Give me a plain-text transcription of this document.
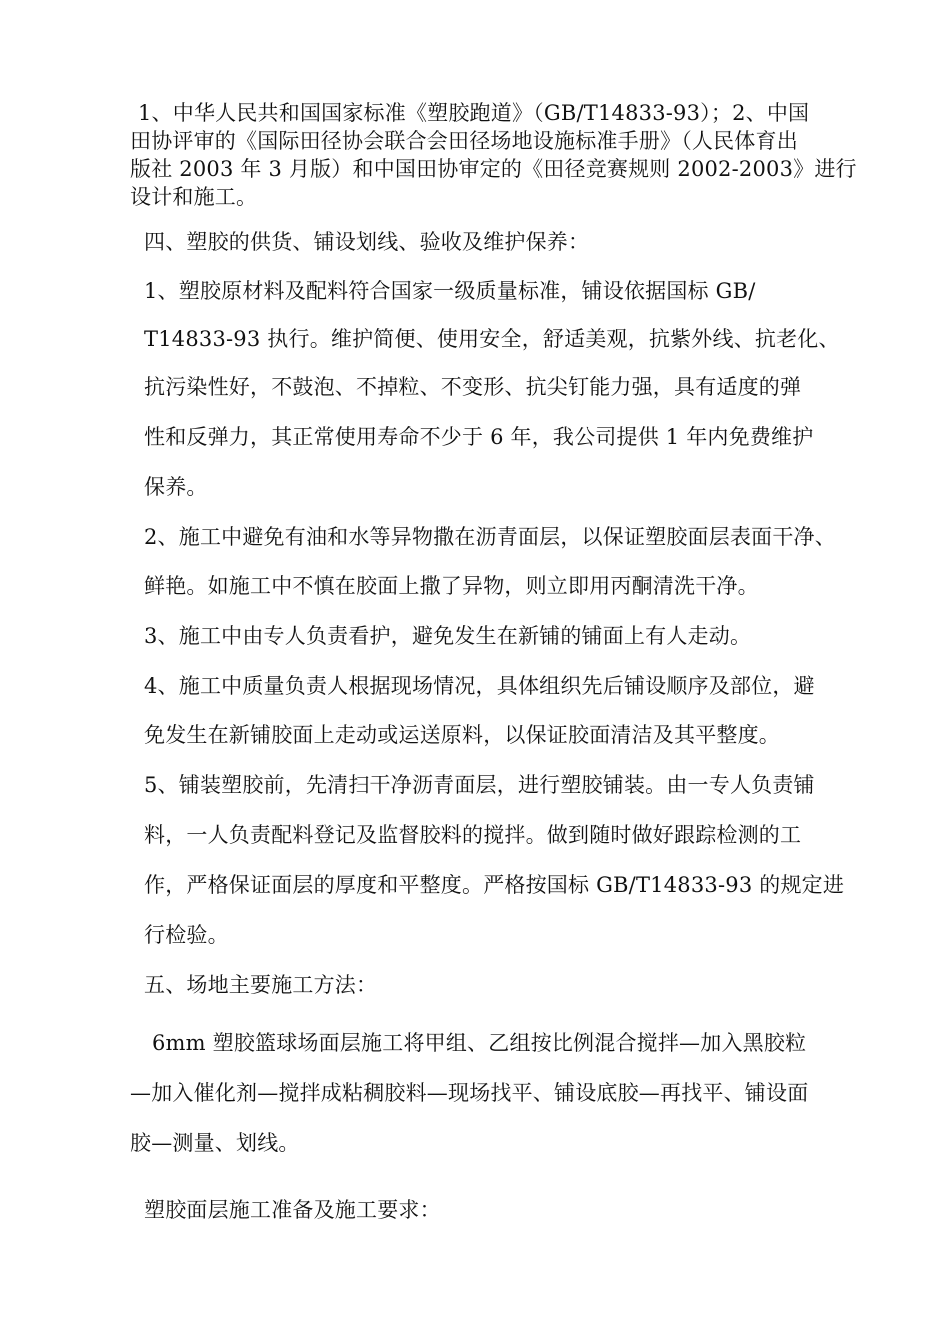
1、中华人民共和国国家标准《塑胶跑道》（GB/T14833-93）；2、中国
田协评审的《国际田径协会联合会田径场地设施标准手册》（人民体育出
版社 2003 年 3 月版）和中国田协审定的《田径竞赛规则 2002-2003》进行
设计和施工。
四、塑胶的供货、铺设划线、验收及维护保养：
1、塑胶原材料及配料符合国家一级质量标准，铺设依据国标 GB/
T14833-93 执行。维护简便、使用安全，舒适美观，抗紫外线、抗老化、
抗污染性好，不鼓泡、不掉粒、不变形、抗尖钉能力强，具有适度的弹
性和反弹力，其正常使用寿命不少于 6 年，我公司提供 1 年内免费维护
保养。
2、施工中避免有油和水等异物撒在沥青面层，以保证塑胶面层表面干净、
鲜艳。如施工中不慎在胶面上撒了异物，则立即用丙酮清洗干净。
3、施工中由专人负责看护，避免发生在新铺的铺面上有人走动。
4、施工中质量负责人根据现场情况，具体组织先后铺设顺序及部位，避
免发生在新铺胶面上走动或运送原料，以保证胶面清洁及其平整度。
5、铺装塑胶前，先清扫干净沥青面层，进行塑胶铺装。由一专人负责铺
料，一人负责配料登记及监督胶料的搅拌。做到随时做好跟踪检测的工
作，严格保证面层的厚度和平整度。严格按国标 GB/T14833-93 的规定进
行检验。
五、场地主要施工方法：
6mm 塑胶篮球场面层施工将甲组、乙组按比例混合搅拌—加入黑胶粒
—加入催化剂—搅拌成粘稠胶料—现场找平、铺设底胶—再找平、铺设面
胶—测量、划线。
塑胶面层施工准备及施工要求：
